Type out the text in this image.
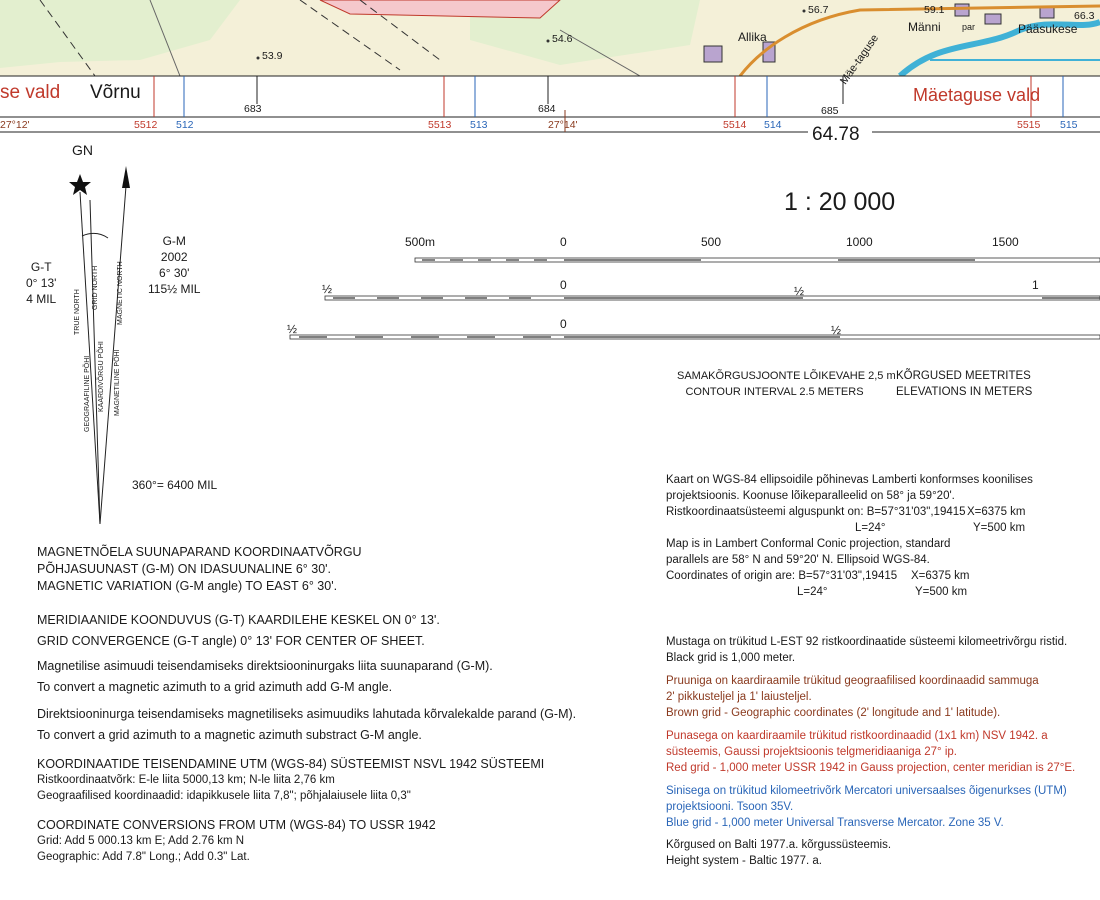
53.9
54.6
56.7	59.1	66.3
Allika
Männi	Pääsukese
par
se vald Võrnu	Mäetaguse vald
Mäe-taguse
683	684	685
5512	5513	5514	5515
512	513	514	515
27°12'	27°14'	64.78
GN
G-T
0° 13'
4 MIL
G-M
2002
6° 30'
115½ MIL
TRUE NORTH
GRID NORTH	MAGNETIC NORTH
GEOGRAAFILINE PÕHI KAARDIVÕRGU PÕHI MAGNETILINE PÕHI
360°= 6400 MIL
1 : 20 000
500m	0	500	1000	1500
½	0	½	1
½	0	½
SAMAKÕRGUSJOONTE LÕIKEVAHE 2,5 m
CONTOUR INTERVAL 2.5 METERS
KÕRGUSED MEETRITES
ELEVATIONS IN METERS
MAGNETNÕELA SUUNAPARAND KOORDINAATVÕRGU
PÕHJASUUNAST (G-M) ON IDASUUNALINE 6° 30'.
MAGNETIC VARIATION (G-M angle) TO EAST 6° 30'.
MERIDIAANIDE KOONDUVUS (G-T) KAARDILEHE KESKEL ON 0° 13'.
GRID CONVERGENCE (G-T angle) 0° 13' FOR CENTER OF SHEET.
Magnetilise asimuudi teisendamiseks direktsiooninurgaks liita suunaparand (G-M).
To convert a magnetic azimuth to a grid azimuth add G-M angle.
Direktsiooninurga teisendamiseks magnetiliseks asimuudiks lahutada kõrvalekalde parand (G-M).
To convert a grid azimuth to a magnetic azimuth substract G-M angle.
KOORDINAATIDE TEISENDAMINE UTM (WGS-84) SÜSTEEMIST NSVL 1942 SÜSTEEMI
Ristkoordinaatvõrk: E-le liita 5000,13 km; N-le liita 2,76 km
Geograafilised koordinaadid: idapikkusele liita 7,8"; põhjalaiusele liita 0,3"
COORDINATE CONVERSIONS FROM UTM (WGS-84) TO USSR 1942
Grid: Add 5 000.13 km E; Add 2.76 km N
Geographic: Add 7.8" Long.; Add 0.3" Lat.
Kaart on WGS-84 ellipsoidile põhinevas Lamberti konformses koonilises
projektsioonis. Koonuse lõikeparalleelid on 58° ja 59°20'.
Ristkoordinaatsüsteemi alguspunkt on: B=57°31'03",19415 X=6375 km
L=24°	Y=500 km
Map is in Lambert Conformal Conic projection, standard
parallels are 58° N and 59°20' N. Ellipsoid WGS-84.
Coordinates of origin are: B=57°31'03",19415 X=6375 km
L=24°	Y=500 km
Mustaga on trükitud L-EST 92 ristkoordinaatide süsteemi kilomeetrivõrgu ristid.
Black grid is 1,000 meter.
Pruuniga on kaardiraamile trükitud geograafilised koordinaadid sammuga
2' pikkusteljel ja 1' laiusteljel.
Brown grid - Geographic coordinates (2' longitude and 1' latitude).
Punasega on kaardiraamile trükitud ristkoordinaadid (1x1 km) NSV 1942. a
süsteemis, Gaussi projektsioonis telgmeridiaaniga 27° ip.
Red grid - 1,000 meter USSR 1942 in Gauss projection, center meridian is 27°E.
Sinisega on trükitud kilomeetrivõrk Mercatori universaalses õigenurkses (UTM)
projektsiooni. Tsoon 35V.
Blue grid - 1,000 meter Universal Transverse Mercator. Zone 35 V.
Kõrgused on Balti 1977.a. kõrgussüsteemis.
Height system - Baltic 1977. a.
